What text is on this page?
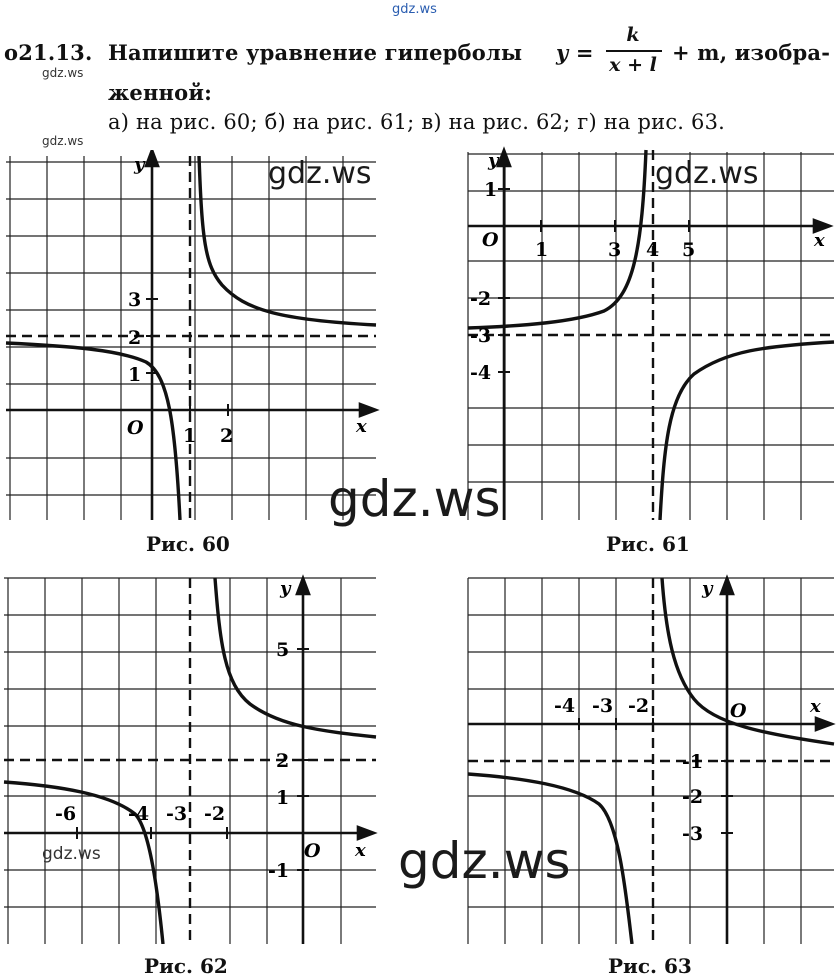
gdz.ws
o21.13. Напишите уравнение гиперболы y =
k
x + l + m, изобра-
gdz.ws
женной:
а) на рис. 60; б) на рис. 61; в) на рис. 62; г) на рис. 63.
gdz.ws
y
x
O 1 2
1
2
3
y
x
O 1	3 4 5
1
-2
-3
-4
y
x
O
-6	-4 -3 -2
5
2
1
-1
y
x
O
-4 -3 -2
-1
-2
-3
Рис. 60	Рис. 61
Рис. 62	Рис. 63
gdz.ws	gdz.ws
gdz.ws
gdz.ws
gdz.ws
